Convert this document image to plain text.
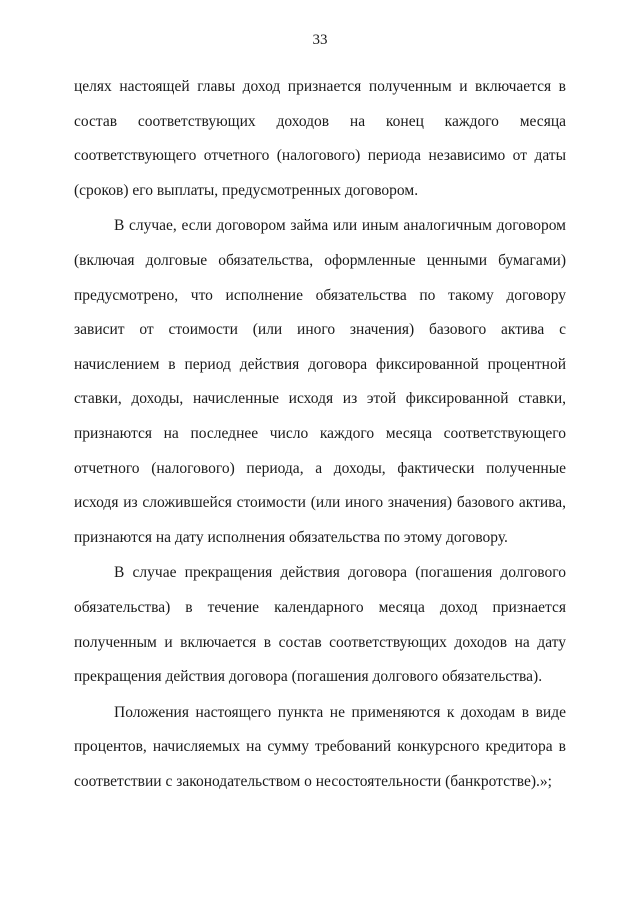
33

целях настоящей главы доход признается полученным и включается в состав соответствующих доходов на конец каждого месяца соответствующего отчетного (налогового) периода независимо от даты (сроков) его выплаты, предусмотренных договором.

В случае, если договором займа или иным аналогичным договором (включая долговые обязательства, оформленные ценными бумагами) предусмотрено, что исполнение обязательства по такому договору зависит от стоимости (или иного значения) базового актива с начислением в период действия договора фиксированной процентной ставки, доходы, начисленные исходя из этой фиксированной ставки, признаются на последнее число каждого месяца соответствующего отчетного (налогового) периода, а доходы, фактически полученные исходя из сложившейся стоимости (или иного значения) базового актива, признаются на дату исполнения обязательства по этому договору.

В случае прекращения действия договора (погашения долгового обязательства) в течение календарного месяца доход признается полученным и включается в состав соответствующих доходов на дату прекращения действия договора (погашения долгового обязательства).

Положения настоящего пункта не применяются к доходам в виде процентов, начисляемых на сумму требований конкурсного кредитора в соответствии с законодательством о несостоятельности (банкротстве).»;
